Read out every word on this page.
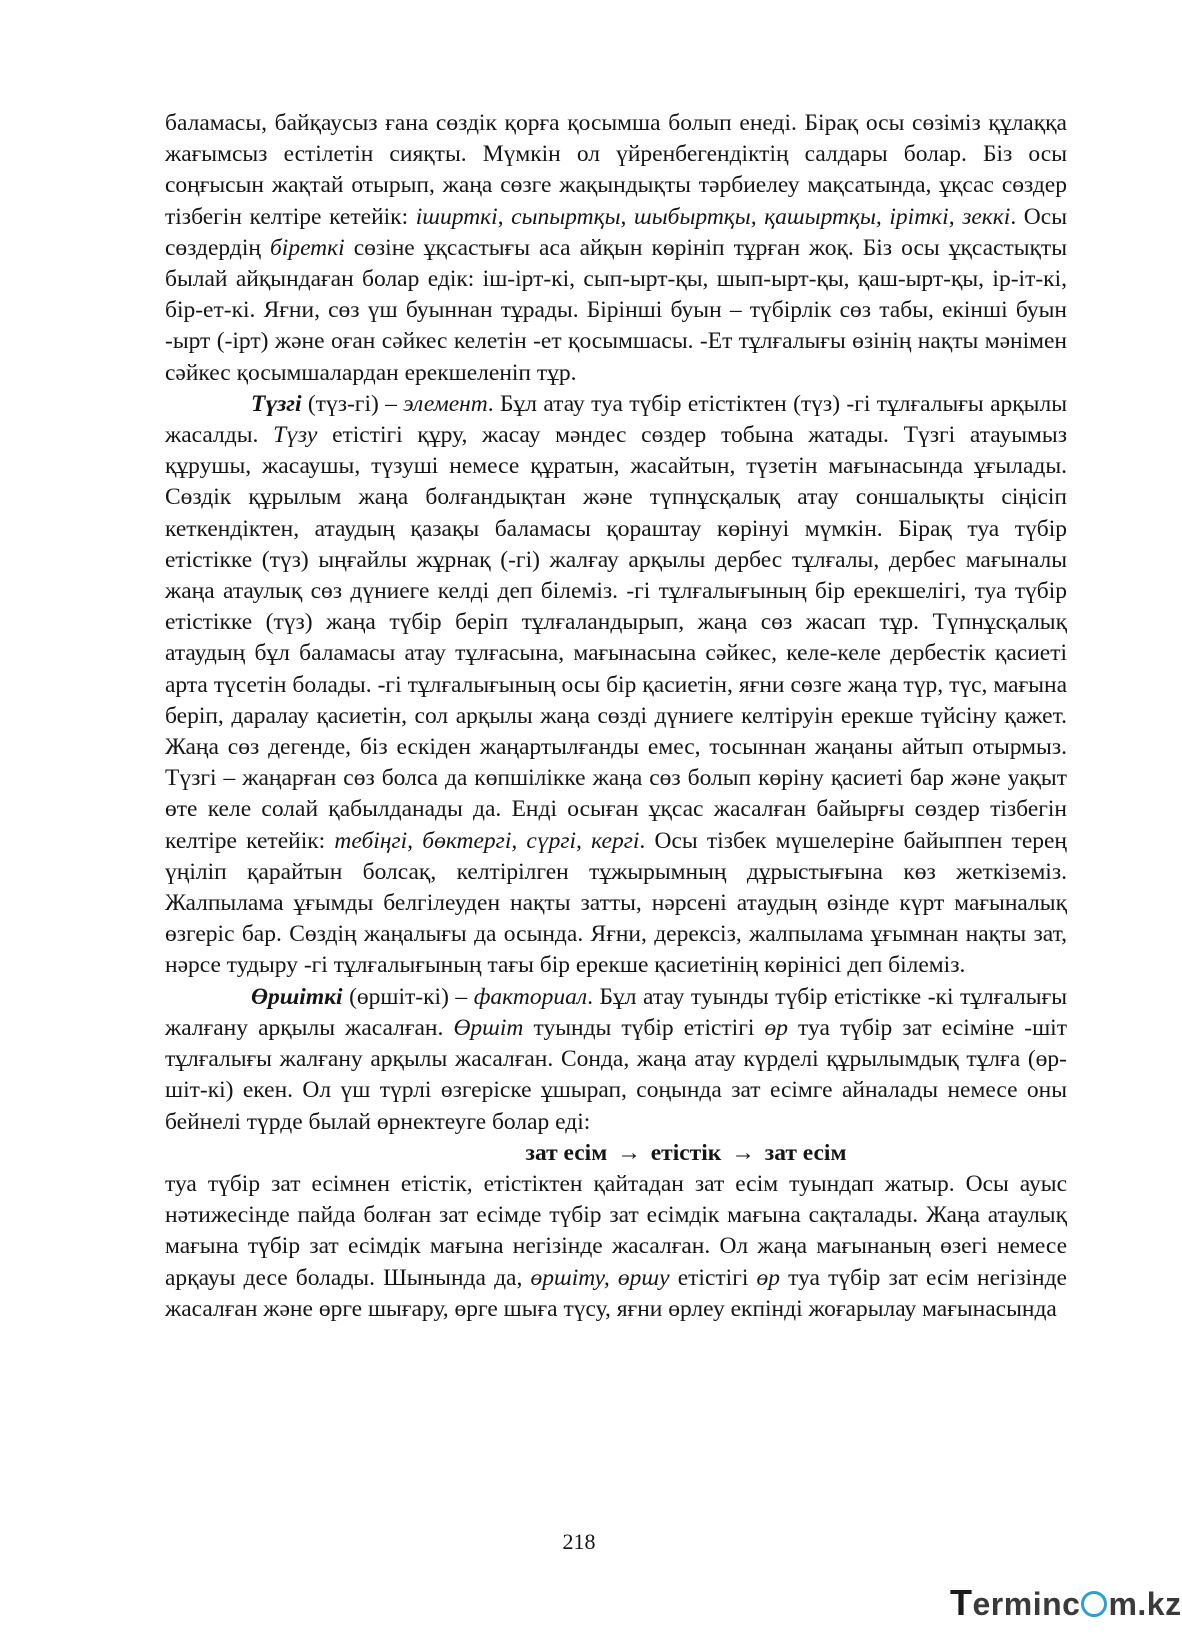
баламасы, байқаусыз ғана сөздік қорға қосымша болып енеді. Бірақ осы сөзіміз құлаққа жағымсыз естілетін сияқты. Мүмкін ол үйренбегендіктің салдары болар. Біз осы соңғысын жақтай отырып, жаңа сөзге жақындықты тәрбиелеу мақсатында, ұқсас сөздер тізбегін келтіре кетейік: іширткі, сыпыртқы, шыбыртқы, қашыртқы, іріткі, зеккі. Осы сөздердің біреткі сөзіне ұқсастығы аса айқын көрініп тұрған жоқ. Біз осы ұқсастықты былай айқындаған болар едік: іш-ірт-кі, сып-ырт-қы, шып-ырт-қы, қаш-ырт-қы, ір-іт-кі, бір-ет-кі. Яғни, сөз үш буыннан тұрады. Бірінші буын – түбірлік сөз табы, екінші буын -ырт (-ірт) және оған сәйкес келетін -ет қосымшасы. -Ет тұлғалығы өзінің нақты мәнімен сәйкес қосымшалардан ерекшеленіп тұр.

Түзгі (түз-гі) – элемент. Бұл атау туа түбір етістіктен (түз) -гі тұлғалығы арқылы жасалды. Түзу етістігі құру, жасау мәндес сөздер тобына жатады. Түзгі атауымыз құрушы, жасаушы, түзуші немесе құратын, жасайтын, түзетін мағынасында ұғылады. Сөздік құрылым жаңа болғандықтан және түпнұсқалық атау соншалықты сіңісіп кеткендіктен, атаудың қазақы баламасы қораштау көрінуі мүмкін. Бірақ туа түбір етістікке (түз) ыңғайлы жұрнақ (-гі) жалғау арқылы дербес тұлғалы, дербес мағыналы жаңа атаулық сөз дүниеге келді деп білеміз. -гі тұлғалығының бір ерекшелігі, туа түбір етістікке (түз) жаңа түбір беріп тұлғаландырып, жаңа сөз жасап тұр. Түпнұсқалық атаудың бұл баламасы атау тұлғасына, мағынасына сәйкес, келе-келе дербестік қасиеті арта түсетін болады. -гі тұлғалығының осы бір қасиетін, яғни сөзге жаңа түр, түс, мағына беріп, даралау қасиетін, сол арқылы жаңа сөзді дүниеге келтіруін ерекше түйсіну қажет. Жаңа сөз дегенде, біз ескіден жаңартылғанды емес, тосыннан жаңаны айтып отырмыз. Түзгі – жаңарған сөз болса да көпшілікке жаңа сөз болып көріну қасиеті бар және уақыт өте келе солай қабылданады да. Енді осыған ұқсас жасалған байырғы сөздер тізбегін келтіре кетейік: тебіңгі, бөктергі, сүргі, кергі. Осы тізбек мүшелеріне байыппен терең үңіліп қарайтын болсақ, келтірілген тұжырымның дұрыстығына көз жеткіземіз. Жалпылама ұғымды белгілеуден нақты затты, нәрсені атаудың өзінде күрт мағыналық өзгеріс бар. Сөздің жаңалығы да осында. Яғни, дерексіз, жалпылама ұғымнан нақты зат, нәрсе тудыру -гі тұлғалығының тағы бір ерекше қасиетінің көрінісі деп білеміз.

Өршіткі (өршіт-кі) – факториал. Бұл атау туынды түбір етістікке -кі тұлғалығы жалғану арқылы жасалған. Өршіт туынды түбір етістігі өр туа түбір зат есіміне -шіт тұлғалығы жалғану арқылы жасалған. Сонда, жаңа атау күрделі құрылымдық тұлға (өр-шіт-кі) екен. Ол үш түрлі өзгеріске ұшырап, соңында зат есімге айналады немесе оны бейнелі түрде былай өрнектеуге болар еді:

зат есім → етістік → зат есім

туа түбір зат есімнен етістік, етістіктен қайтадан зат есім туындап жатыр. Осы ауыс нәтижесінде пайда болған зат есімде түбір зат есімдік мағына сақталады. Жаңа атаулық мағына түбір зат есімдік мағына негізінде жасалған. Ол жаңа мағынаның өзегі немесе арқауы десе болады. Шынында да, өршіту, өршу етістігі өр туа түбір зат есім негізінде жасалған және өрге шығару, өрге шыға түсу, яғни өрлеу екпінді жоғарылау мағынасында

218
Terminc m.kz
